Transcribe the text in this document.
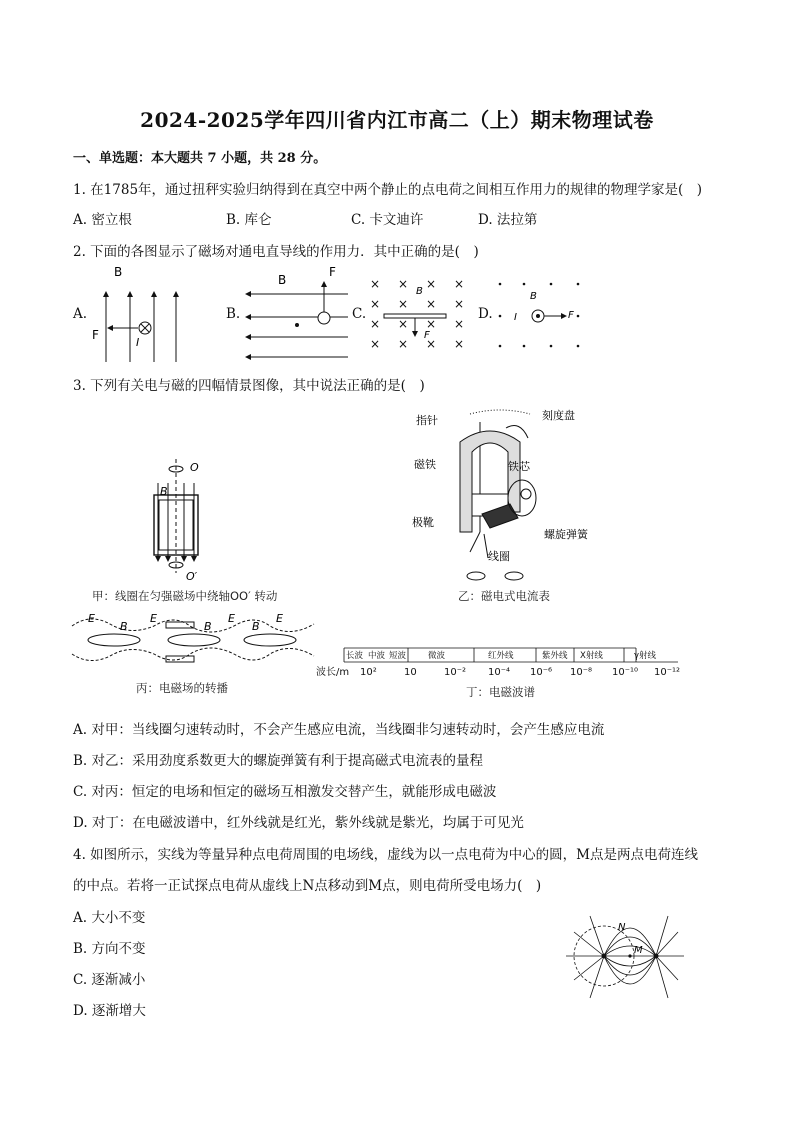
2024-2025学年四川省内江市高二（上）期末物理试卷
一、单选题：本大题共 7 小题，共 28 分。
1. 在1785年，通过扭秤实验归纳得到在真空中两个静止的点电荷之间相互作用力的规律的物理学家是(　)
A. 密立根	B. 库仑	C. 卡文迪许	D. 法拉第
2. 下面的各图显示了磁场对通电直导线的作用力．其中正确的是(　)
A.
B
F
I
B.
B
F
C.
× × × ×
× × × ×
× × × ×
× × × ×
B
F
D.
B
I	F
3. 下列有关电与磁的四幅情景图像，其中说法正确的是(　)
O
O′
B
甲：线圈在匀强磁场中绕轴OO′ 转动
指针	刻度盘
磁铁	铁芯
极靴
螺旋弹簧
线圈
乙：磁电式电流表
E
B
E
B
E
B
E
丙：电磁场的转播
长波 中波 短波	微波	红外线	紫外线 X射线	γ射线
波长/m 10²	10	10⁻² 10⁻⁴ 10⁻⁶ 10⁻⁸ 10⁻¹⁰ 10⁻¹²
丁：电磁波谱
A. 对甲：当线圈匀速转动时，不会产生感应电流，当线圈非匀速转动时，会产生感应电流
B. 对乙：采用劲度系数更大的螺旋弹簧有利于提高磁式电流表的量程
C. 对丙：恒定的电场和恒定的磁场互相激发交替产生，就能形成电磁波
D. 对丁：在电磁波谱中，红外线就是红光，紫外线就是紫光，均属于可见光
4. 如图所示，实线为等量异种点电荷周围的电场线，虚线为以一点电荷为中心的圆，M点是两点电荷连线
的中点。若将一正试探点电荷从虚线上N点移动到M点，则电荷所受电场力(　)
A. 大小不变
B. 方向不变
C. 逐渐减小
D. 逐渐增大
N
M
